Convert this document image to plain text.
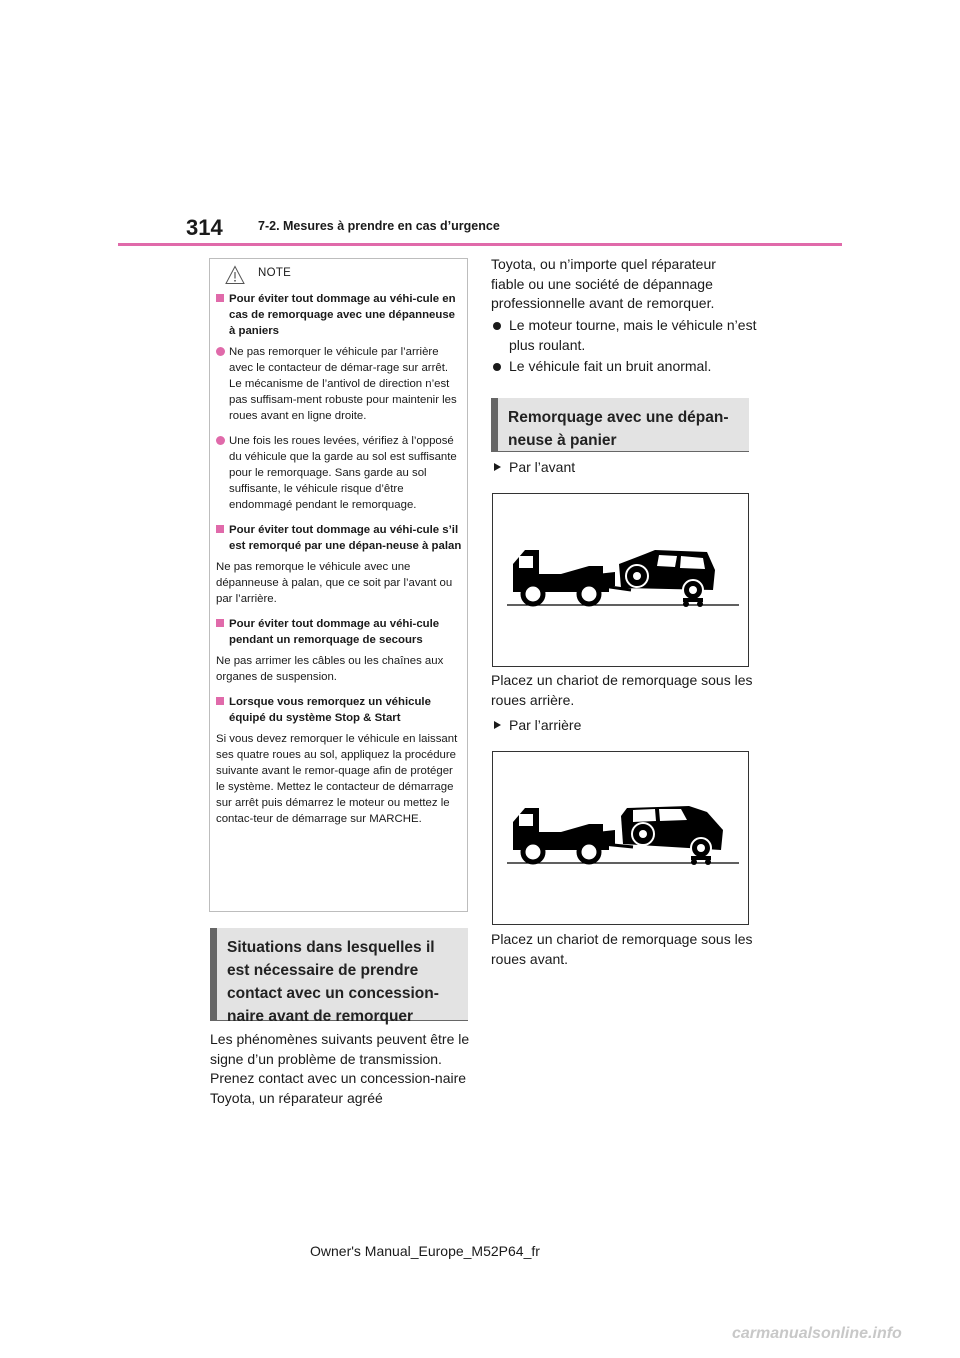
314	7-2. Mesures à prendre en cas d’urgence
NOTE
Pour éviter tout dommage au véhi-cule en cas de remorquage avec une dépanneuse à paniers
Ne pas remorquer le véhicule par l’arrière avec le contacteur de démar-rage sur arrêt. Le mécanisme de l’antivol de direction n’est pas suffisam-ment robuste pour maintenir les roues avant en ligne droite.
Une fois les roues levées, vérifiez à l’opposé du véhicule que la garde au sol est suffisante pour le remorquage. Sans garde au sol suffisante, le véhicule risque d’être endommagé pendant le remorquage.
Pour éviter tout dommage au véhi-cule s’il est remorqué par une dépan-neuse à palan
Ne pas remorque le véhicule avec une dépanneuse à palan, que ce soit par l’avant ou par l’arrière.
Pour éviter tout dommage au véhi-cule pendant un remorquage de secours
Ne pas arrimer les câbles ou les chaînes aux organes de suspension.
Lorsque vous remorquez un véhicule équipé du système Stop & Start
Si vous devez remorquer le véhicule en laissant ses quatre roues au sol, appliquez la procédure suivante avant le remor-quage afin de protéger le système. Mettez le contacteur de démarrage sur arrêt puis démarrez le moteur ou mettez le contac-teur de démarrage sur MARCHE.
Situations dans lesquelles il est nécessaire de prendre contact avec un concession-naire avant de remorquer
Les phénomènes suivants peuvent être le signe d’un problème de transmission. Prenez contact avec un concession-naire Toyota, un réparateur agréé
Toyota, ou n’importe quel réparateur fiable ou une société de dépannage professionnelle avant de remorquer.
Le moteur tourne, mais le véhicule n’est plus roulant.
Le véhicule fait un bruit anormal.
Remorquage avec une dépan-neuse à panier
Par l’avant
Placez un chariot de remorquage sous les roues arrière.
Par l’arrière
Placez un chariot de remorquage sous les roues avant.
Owner's Manual_Europe_M52P64_fr
carmanualsonline.info
